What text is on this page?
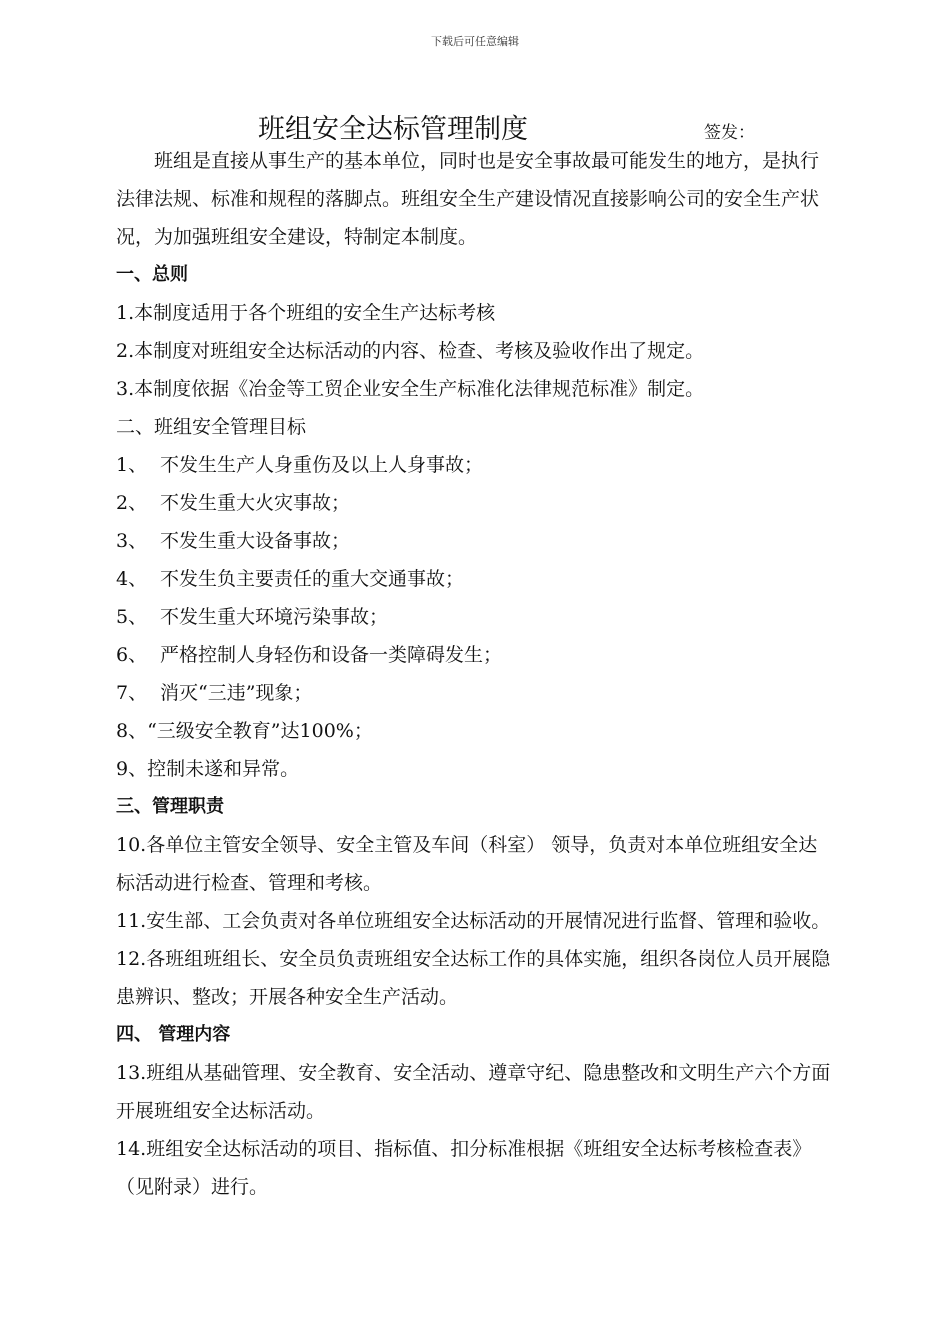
下载后可任意编辑
班组安全达标管理制度	签发：

班组是直接从事生产的基本单位，同时也是安全事故最可能发生的地方，是执行法律法规、标准和规程的落脚点。班组安全生产建设情况直接影响公司的安全生产状况，为加强班组安全建设，特制定本制度。

一、总则

1.本制度适用于各个班组的安全生产达标考核

2.本制度对班组安全达标活动的内容、检查、考核及验收作出了规定。

3.本制度依据《冶金等工贸企业安全生产标准化法律规范标准》制定。

二、班组安全管理目标

1、 不发生生产人身重伤及以上人身事故；

2、 不发生重大火灾事故；

3、 不发生重大设备事故；

4、 不发生负主要责任的重大交通事故；

5、 不发生重大环境污染事故；

6、 严格控制人身轻伤和设备一类障碍发生；

7、 消灭“三违”现象；

8、“三级安全教育”达100%；

9、控制未遂和异常。

三、管理职责

10.各单位主管安全领导、安全主管及车间（科室） 领导，负责对本单位班组安全达标活动进行检查、管理和考核。

11.安生部、工会负责对各单位班组安全达标活动的开展情况进行监督、管理和验收。

12.各班组班组长、安全员负责班组安全达标工作的具体实施，组织各岗位人员开展隐患辨识、整改；开展各种安全生产活动。

四、 管理内容

13.班组从基础管理、安全教育、安全活动、遵章守纪、隐患整改和文明生产六个方面开展班组安全达标活动。

14.班组安全达标活动的项目、指标值、扣分标准根据《班组安全达标考核检查表》（见附录）进行。
